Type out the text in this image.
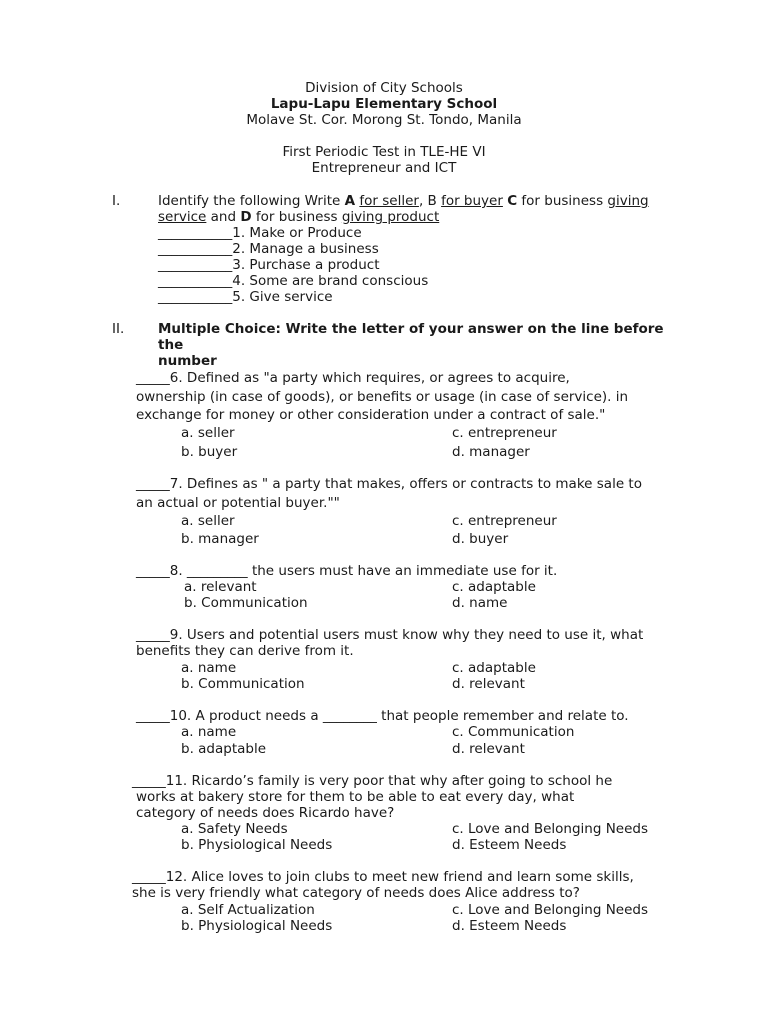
Division of City Schools
Lapu-Lapu Elementary School
Molave St. Cor. Morong St. Tondo, Manila
First Periodic Test in TLE-HE VI
Entrepreneur and ICT
I.	Identify the following Write A for seller, B for buyer C for business giving
service and D for business giving product
___________1. Make or Produce
___________2. Manage a business
___________3. Purchase a product
___________4. Some are brand conscious
___________5. Give service
II. Multiple Choice: Write the letter of your answer on the line before the
number
_____6. Defined as "a party which requires, or agrees to acquire,
ownership (in case of goods), or benefits or usage (in case of service). in
exchange for money or other consideration under a contract of sale."
a. seller	c. entrepreneur
b. buyer	d. manager
_____7. Defines as " a party that makes, offers or contracts to make sale to
an actual or potential buyer.""
a. seller	c. entrepreneur
b. manager	d. buyer
_____8. _________ the users must have an immediate use for it.
a. relevant	c. adaptable
b. Communication	d. name
_____9. Users and potential users must know why they need to use it, what
benefits they can derive from it.
a. name	c. adaptable
b. Communication	d. relevant
_____10. A product needs a ________ that people remember and relate to.
a. name	c. Communication
b. adaptable	d. relevant
_____11. Ricardo’s family is very poor that why after going to school he
works at bakery store for them to be able to eat every day, what
category of needs does Ricardo have?
a. Safety Needs	c. Love and Belonging Needs
b. Physiological Needs	d. Esteem Needs
_____12. Alice loves to join clubs to meet new friend and learn some skills,
she is very friendly what category of needs does Alice address to?
a. Self Actualization	c. Love and Belonging Needs
b. Physiological Needs	d. Esteem Needs
